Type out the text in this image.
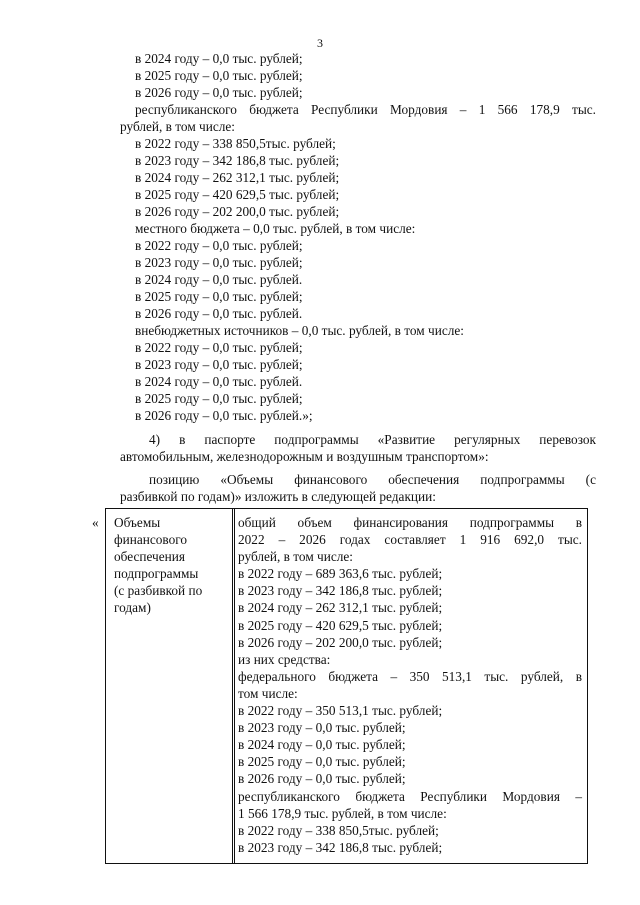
3
в 2024 году – 0,0 тыс. рублей;
в 2025 году – 0,0 тыс. рублей;
в 2026 году – 0,0 тыс. рублей;
республиканского бюджета Республики Мордовия – 1 566 178,9 тыс.
рублей, в том числе:
в 2022 году – 338 850,5тыс. рублей;
в 2023 году – 342 186,8 тыс. рублей;
в 2024 году – 262 312,1 тыс. рублей;
в 2025 году – 420 629,5 тыс. рублей;
в 2026 году – 202 200,0 тыс. рублей;
местного бюджета – 0,0 тыс. рублей, в том числе:
в 2022 году – 0,0 тыс. рублей;
в 2023 году – 0,0 тыс. рублей;
в 2024 году – 0,0 тыс. рублей.
в 2025 году – 0,0 тыс. рублей;
в 2026 году – 0,0 тыс. рублей.
внебюджетных источников – 0,0 тыс. рублей, в том числе:
в 2022 году – 0,0 тыс. рублей;
в 2023 году – 0,0 тыс. рублей;
в 2024 году – 0,0 тыс. рублей.
в 2025 году – 0,0 тыс. рублей;
в 2026 году – 0,0 тыс. рублей.»;
4) в паспорте подпрограммы «Развитие регулярных перевозок
автомобильным, железнодорожным и воздушным транспортом»:
позицию «Объемы финансового обеспечения подпрограммы (с
разбивкой по годам)» изложить в следующей редакции:
« Объемы
финансового
обеспечения
подпрограммы
(с разбивкой по
годам)
общий объем финансирования подпрограммы в
2022 – 2026 годах составляет 1 916 692,0 тыс.
рублей, в том числе:
в 2022 году – 689 363,6 тыс. рублей;
в 2023 году – 342 186,8 тыс. рублей;
в 2024 году – 262 312,1 тыс. рублей;
в 2025 году – 420 629,5 тыс. рублей;
в 2026 году – 202 200,0 тыс. рублей;
из них средства:
федерального бюджета – 350 513,1 тыс. рублей, в
том числе:
в 2022 году – 350 513,1 тыс. рублей;
в 2023 году – 0,0 тыс. рублей;
в 2024 году – 0,0 тыс. рублей;
в 2025 году – 0,0 тыс. рублей;
в 2026 году – 0,0 тыс. рублей;
республиканского бюджета Республики Мордовия –
1 566 178,9 тыс. рублей, в том числе:
в 2022 году – 338 850,5тыс. рублей;
в 2023 году – 342 186,8 тыс. рублей;
